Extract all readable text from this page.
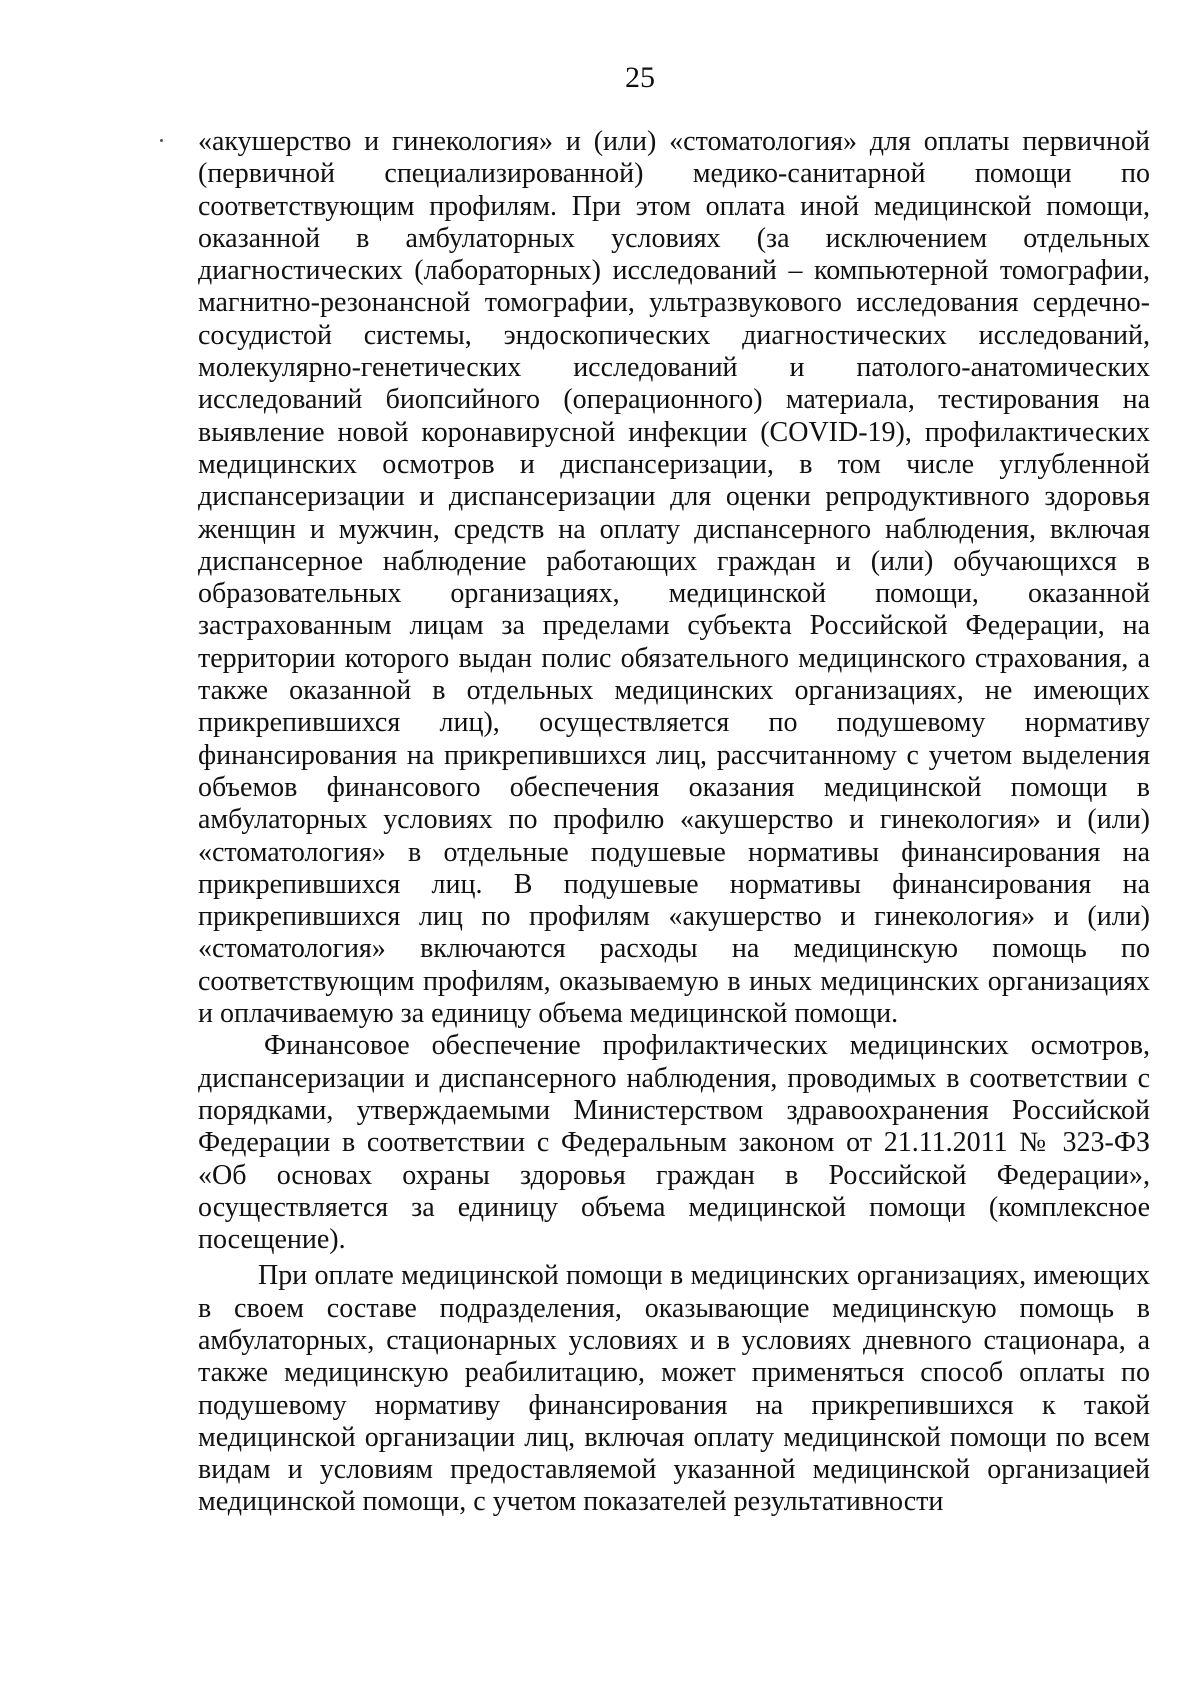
25

«акушерство и гинекология» и (или) «стоматология» для оплаты первичной (первичной специализированной) медико-санитарной помощи по соответствующим профилям. При этом оплата иной медицинской помощи, оказанной в амбулаторных условиях (за исключением отдельных диагностических (лабораторных) исследований – компьютерной томографии, магнитно-резонансной томографии, ультразвукового исследования сердечно-сосудистой системы, эндоскопических диагностических исследований, молекулярно-генетических исследований и патолого-анатомических исследований биопсийного (операционного) материала, тестирования на выявление новой коронавирусной инфекции (COVID-19), профилактических медицинских осмотров и диспансеризации, в том числе углубленной диспансеризации и диспансеризации для оценки репродуктивного здоровья женщин и мужчин, средств на оплату диспансерного наблюдения, включая диспансерное наблюдение работающих граждан и (или) обучающихся в образовательных организациях, медицинской помощи, оказанной застрахованным лицам за пределами субъекта Российской Федерации, на территории которого выдан полис обязательного медицинского страхования, а также оказанной в отдельных медицинских организациях, не имеющих прикрепившихся лиц), осуществляется по подушевому нормативу финансирования на прикрепившихся лиц, рассчитанному с учетом выделения объемов финансового обеспечения оказания медицинской помощи в амбулаторных условиях по профилю «акушерство и гинекология» и (или) «стоматология» в отдельные подушевые нормативы финансирования на прикрепившихся лиц. В подушевые нормативы финансирования на прикрепившихся лиц по профилям «акушерство и гинекология» и (или) «стоматология» включаются расходы на медицинскую помощь по соответствующим профилям, оказываемую в иных медицинских организациях и оплачиваемую за единицу объема медицинской помощи.

Финансовое обеспечение профилактических медицинских осмотров, диспансеризации и диспансерного наблюдения, проводимых в соответствии с порядками, утверждаемыми Министерством здравоохранения Российской Федерации в соответствии с Федеральным законом от 21.11.2011 № 323-ФЗ «Об основах охраны здоровья граждан в Российской Федерации», осуществляется за единицу объема медицинской помощи (комплексное посещение).

При оплате медицинской помощи в медицинских организациях, имеющих в своем составе подразделения, оказывающие медицинскую помощь в амбулаторных, стационарных условиях и в условиях дневного стационара, а также медицинскую реабилитацию, может применяться способ оплаты по подушевому нормативу финансирования на прикрепившихся к такой медицинской организации лиц, включая оплату медицинской помощи по всем видам и условиям предоставляемой указанной медицинской организацией медицинской помощи, с учетом показателей результативности
